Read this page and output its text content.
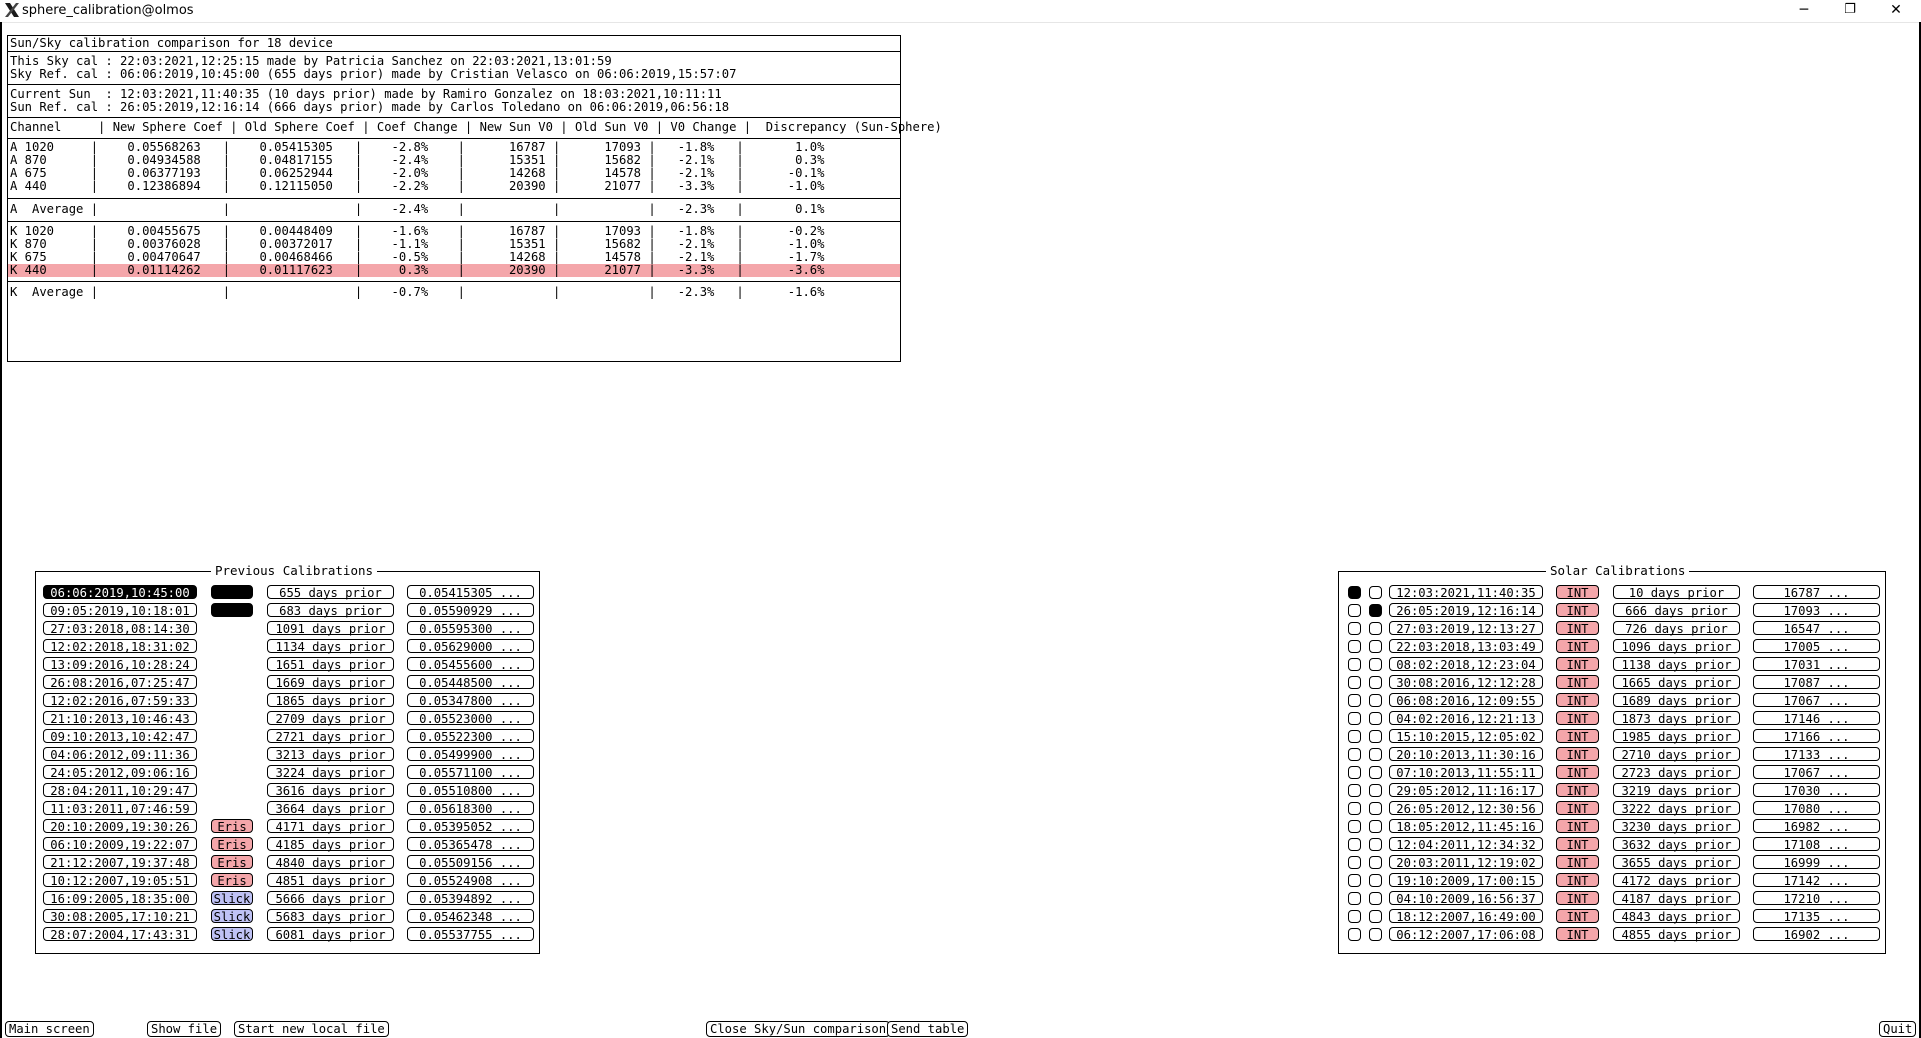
sphere_calibration@olmos	─	❐	✕
Sun/Sky calibration comparison for 18 device
This Sky cal : 22:03:2021,12:25:15 made by Patricia Sanchez on 22:03:2021,13:01:59
Sky Ref. cal : 06:06:2019,10:45:00 (655 days prior) made by Cristian Velasco on 06:06:2019,15:57:07
Current Sun  : 12:03:2021,11:40:35 (10 days prior) made by Ramiro Gonzalez on 18:03:2021,10:11:11
Sun Ref. cal : 26:05:2019,12:16:14 (666 days prior) made by Carlos Toledano on 06:06:2019,06:56:18
Channel     | New Sphere Coef | Old Sphere Coef | Coef Change | New Sun V0 | Old Sun V0 | V0 Change |  Discrepancy (Sun-Sphere)
A 1020     |    0.05568263   |    0.05415305   |    -2.8%    |      16787 |      17093 |   -1.8%   |       1.0%
A 870      |    0.04934588   |    0.04817155   |    -2.4%    |      15351 |      15682 |   -2.1%   |       0.3%
A 675      |    0.06377193   |    0.06252944   |    -2.0%    |      14268 |      14578 |   -2.1%   |      -0.1%
A 440      |    0.12386894   |    0.12115050   |    -2.2%    |      20390 |      21077 |   -3.3%   |      -1.0%
A  Average |                 |                 |    -2.4%    |            |            |   -2.3%   |       0.1%
K 1020     |    0.00455675   |    0.00448409   |    -1.6%    |      16787 |      17093 |   -1.8%   |      -0.2%
K 870      |    0.00376028   |    0.00372017   |    -1.1%    |      15351 |      15682 |   -2.1%   |      -1.0%
K 675      |    0.00470647   |    0.00468466   |    -0.5%    |      14268 |      14578 |   -2.1%   |      -1.7%
K 440      |    0.01114262   |    0.01117623   |     0.3%    |      20390 |      21077 |   -3.3%   |      -3.6%
K  Average |                 |                 |    -0.7%    |            |            |   -2.3%   |      -1.6%
Previous Calibrations
06:06:2019,10:45:00	655 days prior	0.05415305 ...
09:05:2019,10:18:01	683 days prior	0.05590929 ...
27:03:2018,08:14:30	1091 days prior	0.05595300 ...
12:02:2018,18:31:02	1134 days prior	0.05629000 ...
13:09:2016,10:28:24	1651 days prior	0.05455600 ...
26:08:2016,07:25:47	1669 days prior	0.05448500 ...
12:02:2016,07:59:33	1865 days prior	0.05347800 ...
21:10:2013,10:46:43	2709 days prior	0.05523000 ...
09:10:2013,10:42:47	2721 days prior	0.05522300 ...
04:06:2012,09:11:36	3213 days prior	0.05499900 ...
24:05:2012,09:06:16	3224 days prior	0.05571100 ...
28:04:2011,10:29:47	3616 days prior	0.05510800 ...
11:03:2011,07:46:59	3664 days prior	0.05618300 ...
20:10:2009,19:30:26	Eris	4171 days prior	0.05395052 ...
06:10:2009,19:22:07	Eris	4185 days prior	0.05365478 ...
21:12:2007,19:37:48	Eris	4840 days prior	0.05509156 ...
10:12:2007,19:05:51	Eris	4851 days prior	0.05524908 ...
16:09:2005,18:35:00	Slick	5666 days prior	0.05394892 ...
30:08:2005,17:10:21	Slick	5683 days prior	0.05462348 ...
28:07:2004,17:43:31	Slick	6081 days prior	0.05537755 ...
Solar Calibrations
12:03:2021,11:40:35	INT	10 days prior	16787 ...
26:05:2019,12:16:14	INT	666 days prior	17093 ...
27:03:2019,12:13:27	INT	726 days prior	16547 ...
22:03:2018,13:03:49	INT	1096 days prior	17005 ...
08:02:2018,12:23:04	INT	1138 days prior	17031 ...
30:08:2016,12:12:28	INT	1665 days prior	17087 ...
06:08:2016,12:09:55	INT	1689 days prior	17067 ...
04:02:2016,12:21:13	INT	1873 days prior	17146 ...
15:10:2015,12:05:02	INT	1985 days prior	17166 ...
20:10:2013,11:30:16	INT	2710 days prior	17133 ...
07:10:2013,11:55:11	INT	2723 days prior	17067 ...
29:05:2012,11:16:17	INT	3219 days prior	17030 ...
26:05:2012,12:30:56	INT	3222 days prior	17080 ...
18:05:2012,11:45:16	INT	3230 days prior	16982 ...
12:04:2011,12:34:32	INT	3632 days prior	17108 ...
20:03:2011,12:19:02	INT	3655 days prior	16999 ...
19:10:2009,17:00:15	INT	4172 days prior	17142 ...
04:10:2009,16:56:37	INT	4187 days prior	17210 ...
18:12:2007,16:49:00	INT	4843 days prior	17135 ...
06:12:2007,17:06:08	INT	4855 days prior	16902 ...
Main screen	Show file	Start new local file	Close Sky/Sun comparison Send table	Quit
